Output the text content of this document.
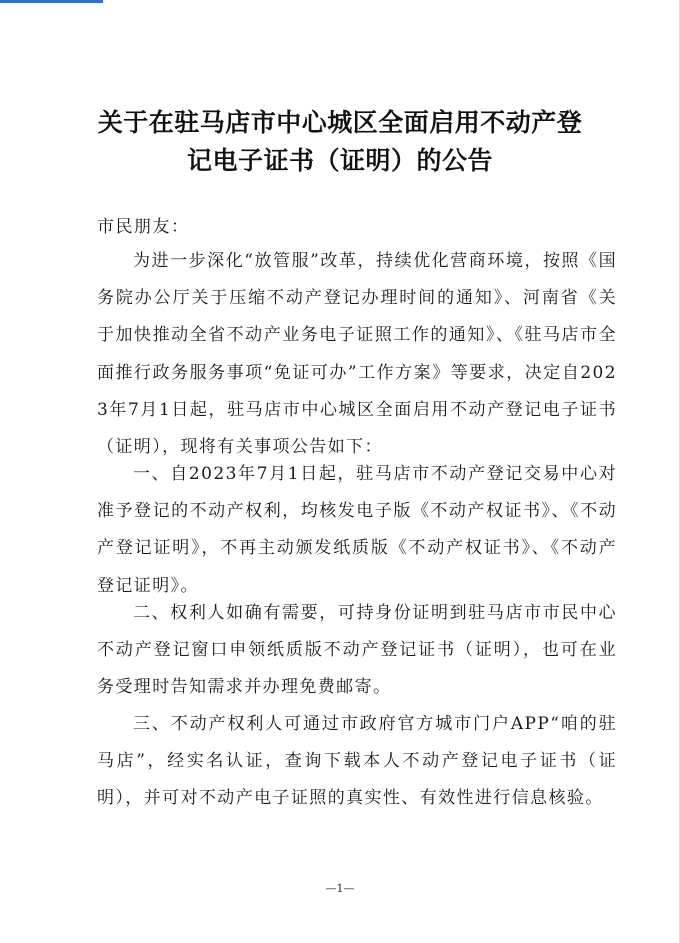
关于在驻马店市中心城区全面启用不动产登
记电子证书（证明）的公告

市民朋友：

为进一步深化“放管服”改革，持续优化营商环境，按照《国务院办公厅关于压缩不动产登记办理时间的通知》、河南省《关于加快推动全省不动产业务电子证照工作的通知》、《驻马店市全面推行政务服务事项“免证可办”工作方案》等要求，决定自2023年7月1日起，驻马店市中心城区全面启用不动产登记电子证书（证明），现将有关事项公告如下：

一、自2023年7月1日起，驻马店市不动产登记交易中心对准予登记的不动产权利，均核发电子版《不动产权证书》、《不动产登记证明》，不再主动颁发纸质版《不动产权证书》、《不动产登记证明》。

二、权利人如确有需要，可持身份证明到驻马店市市民中心不动产登记窗口申领纸质版不动产登记证书（证明），也可在业务受理时告知需求并办理免费邮寄。

三、不动产权利人可通过市政府官方城市门户APP“咱的驻马店”，经实名认证，查询下载本人不动产登记电子证书（证明），并可对不动产电子证照的真实性、有效性进行信息核验。

—1—
